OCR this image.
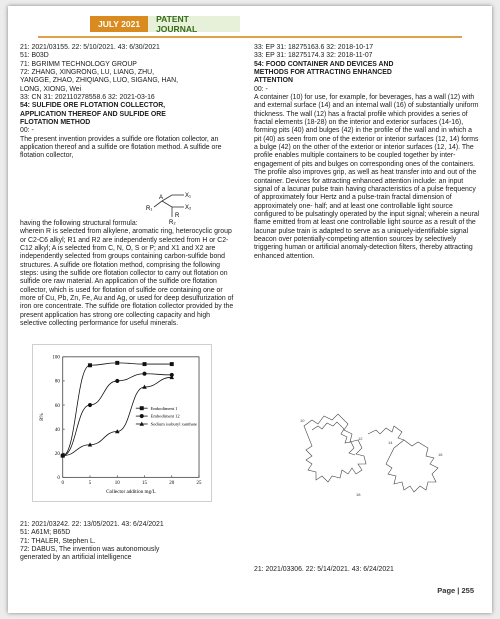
JULY 2021	PATENT JOURNAL
21: 2021/03155. 22: 5/10/2021. 43: 6/30/2021
51: B03D
71: BGRIMM TECHNOLOGY GROUP
72: ZHANG, XINGRONG, LU, LIANG, ZHU,
YANGGE, ZHAO, ZHIQIANG, LUO, SIGANG, HAN,
LONG, XIONG, Wei
33: CN 31: 202110278558.6 32: 2021-03-16
54: SULFIDE ORE FLOTATION COLLECTOR,
APPLICATION THEREOF AND SULFIDE ORE
FLOTATION METHOD
00: -
The present invention provides a sulfide ore flotation collector, an application thereof and a sulfide ore flotation method. A sulfide ore flotation collector,
R₁
A	X₁
X₂
R₂
R
having the following structural formula:
wherein R is selected from alkylene, aromatic ring, heterocyclic group or C2-C6 alkyl; R1 and R2 are independently selected from H or C2-C12 alkyl; A is selected from C, N, O, S or P; and X1 and X2 are independently selected from groups containing carbon-sulfide bond structures. A sulfide ore flotation method, comprising the following steps: using the sulfide ore flotation collector to carry out flotation on sulfide ore raw material. An application of the sulfide ore flotation collector, which is used for flotation of sulfide ore containing one or more of Cu, Pb, Zn, Fe, Au and Ag, or used for deep desulfurization of iron ore concentrate. The sulfide ore flotation collector provided by the present application has strong ore collecting capacity and high selective collecting performance for useful minerals.
0	5	10	15	20	25
0
20
40
60
80
100
Collector addition mg/L
R%
Embodiment 1
Embodiment 12
Sodium isobutyl xanthate
21: 2021/03242. 22: 13/05/2021. 43: 6/24/2021
51: A61M; B65D
71: THALER, Stephen L.
72: DABUS, The invention was autonomously
generated by an artificial intelligence
33: EP 31: 18275163.6 32: 2018-10-17
33: EP 31: 18275174.3 32: 2018-11-07
54: FOOD CONTAINER AND DEVICES AND
METHODS FOR ATTRACTING ENHANCED
ATTENTION
00: -
A container (10) for use, for example, for beverages, has a wall (12) with and external surface (14) and an internal wall (16) of substantially uniform thickness. The wall (12) has a fractal profile which provides a series of fractal elements (18-28) on the interior and exterior surfaces (14-16), forming pits (40) and bulges (42) in the profile of the wall and in which a pit (40) as seen from one of the exterior or interior surfaces (12, 14) forms a bulge (42) on the other of the exterior or interior surfaces (12, 14). The profile enables multiple containers to be coupled together by inter-engagement of pits and bulges on corresponding ones of the containers. The profile also improves grip, as well as heat transfer into and out of the container. Devices for attracting enhanced attention include: an input signal of a lacunar pulse train having characteristics of a pulse frequency of approximately four Hertz and a pulse-train fractal dimension of approximately one- half; and at least one controllable light source configured to be pulsatingly operated by the input signal; wherein a neural flame emitted from at least one controllable light source as a result of the lacunar pulse train is adapted to serve as a uniquely-identifiable signal beacon over potentially-competing attention sources by selectively triggering human or artificial anomaly-detection filters, thereby attracting enhanced attention.
10
12
14
16
18
21: 2021/03306. 22: 5/14/2021. 43: 6/24/2021
Page | 255
